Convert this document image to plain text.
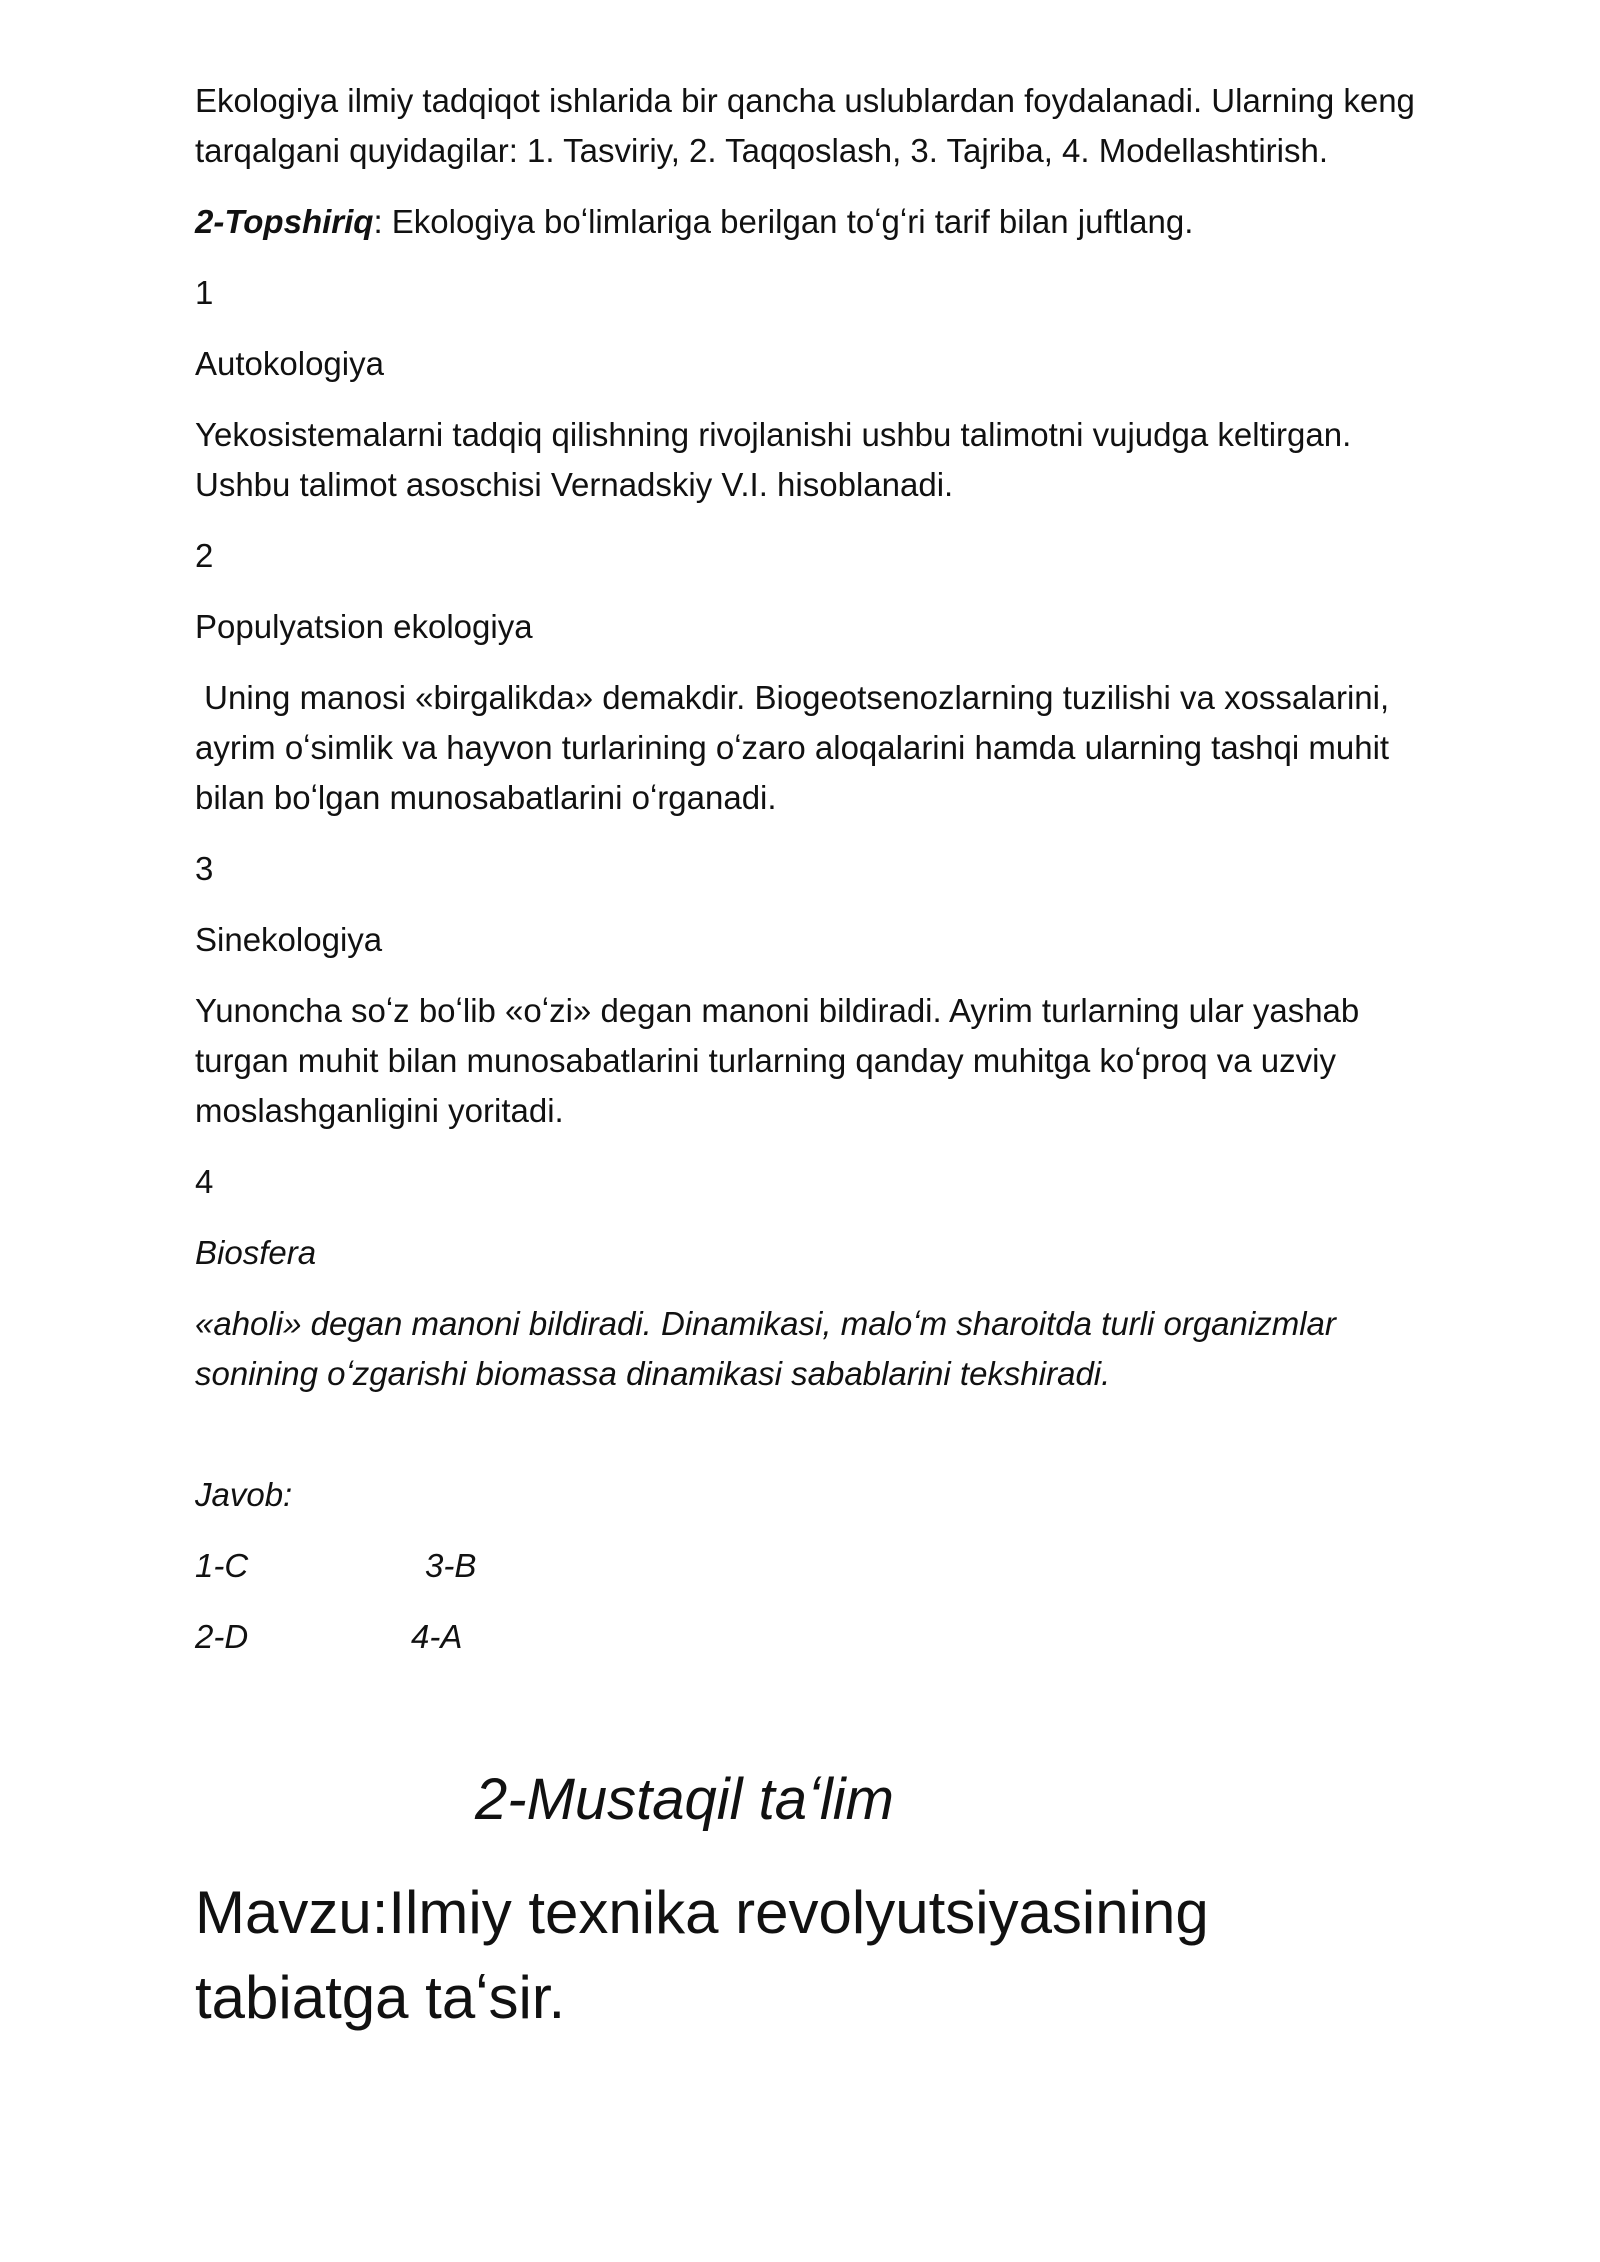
Ekologiya ilmiy tadqiqot ishlarida bir qancha uslublardan foydalanadi. Ularning keng tarqalgani quyidagilar: 1. Tasviriy, 2. Taqqoslash, 3. Tajriba, 4. Modellashtirish.

2-Topshiriq: Ekologiya boʻlimlariga berilgan toʻgʻri tarif bilan juftlang.

1

Autokologiya

Yekosistemalarni tadqiq qilishning rivojlanishi ushbu talimotni vujudga keltirgan. Ushbu talimot asoschisi Vernadskiy V.I. hisoblanadi.

2

Populyatsion ekologiya

Uning manosi «birgalikda» demakdir. Biogeotsenozlarning tuzilishi va xossalarini, ayrim oʻsimlik va hayvon turlarining oʻzaro aloqalarini hamda ularning tashqi muhit bilan boʻlgan munosabatlarini oʻrganadi.

3

Sinekologiya

Yunoncha soʻz boʻlib «oʻzi» degan manoni bildiradi. Ayrim turlarning ular yashab turgan muhit bilan munosabatlarini turlarning qanday muhitga koʻproq va uzviy moslashganligini yoritadi.

4

Biosfera

«aholi» degan manoni bildiradi. Dinamikasi, maloʻm sharoitda turli organizmlar sonining oʻzgarishi biomassa dinamikasi sabablarini tekshiradi.

Javob:

1-C	3-B
2-D	4-A
2-Mustaqil taʻlim
Mavzu:Ilmiy texnika revolyutsiyasining tabiatga taʻsir.
